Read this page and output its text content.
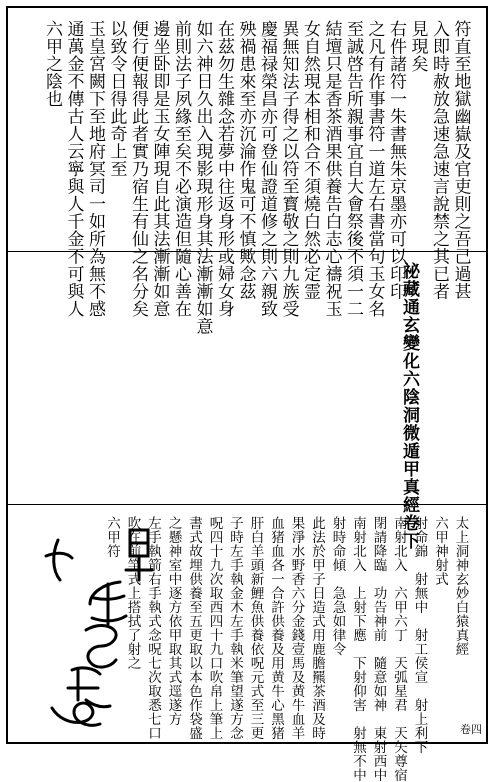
符直至地獄幽嶽及官吏則之吾己過甚
入即時赦放急速急速言說禁之其已者
見現矣
右件諸符一朱書無朱京墨亦可以印印
之凡有作事書符一道左右書當句玉女名
至誠啓告所親事宜自大會祭後不須一二
結壇只是香茶酒果供養告白志心禱祝玉
女自然現本相和合不須燒白然必定霊
異無知法子得之以符至寳敬之則九族受
慶福禄榮昌亦可登仙證道修之則六親致
殃禍患來至亦沉淪作鬼可不慎歟念茲
在茲勿生雜念若夢中往返身形或婦女身
如六神日久出入現影現形身其法漸漸如意
前則法子夙緣至矣不必演造但隨心善在
邊坐卧即是玉女陣現自此其法漸漸如意
便行便報得此者實乃宿生有仙之名分矣
以致令日得此奇上至
玉皇宮闕下至地府冥司一如所為無不感
通萬金不傳古人云寧與人千金不可與人
六甲之陰也
祕藏通玄變化六陰洞微遁甲真經卷下
太上洞神玄妙白猿真經
六甲神射式
射命錦　射無中　射工侯宣　射上利下
南射北入　六甲六丁　天弧星君　天矢尊宿
閉請降臨　功告神前　隨意如神　東射西中
南射北入　上射下應　下射仰害　射無不中
射時命傾　急急如律令
此法於甲子日造式用鹿膽羆茶酒及時
果淨水野香六分金錢壹馬及黄牛血羊
血猪血各一合許供養及用黄牛心黑猪
肝白羊頭新鯉魚供養依呪元式至三更
子時左手執金木左手執米筆望遂方念
呪四十九次取西四十九口吹帛上筆上
書式故埋供養至五更取以本色作袋盛
之懸神室中逐方依甲取其式逕遂方
左手執箭右手執式念呪七次取悉七口
吹在前竿式上搭拭了射之
六甲符
卷四
